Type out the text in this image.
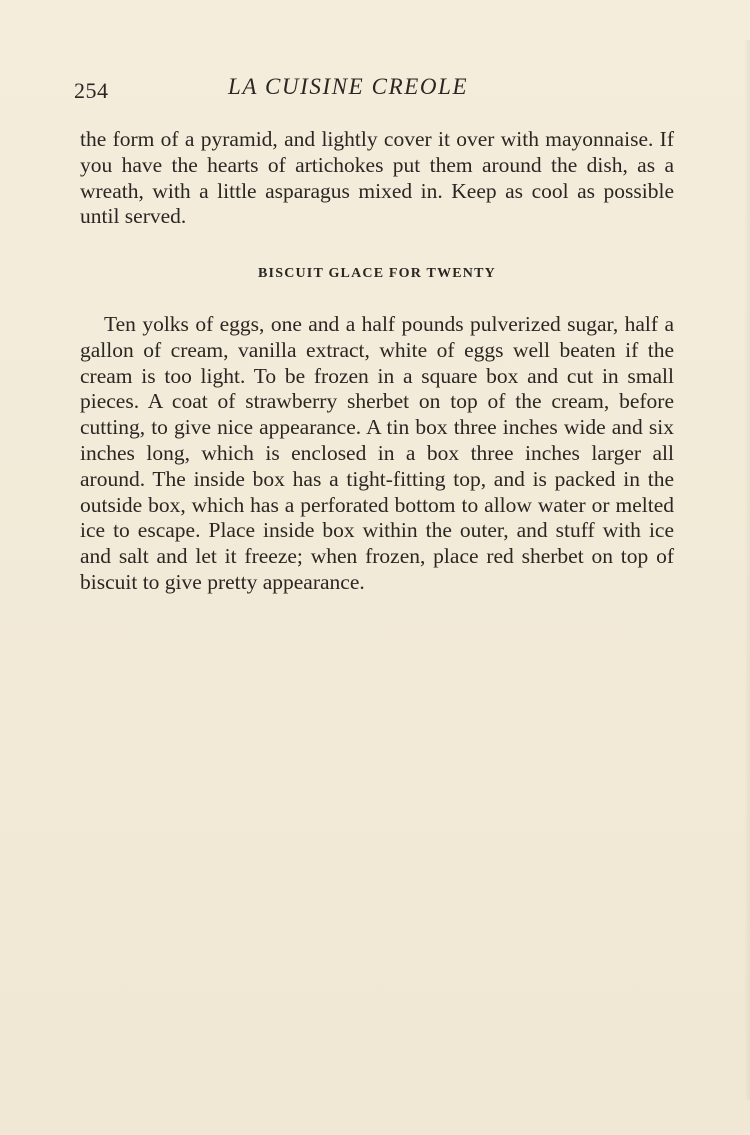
254	LA CUISINE CREOLE

the form of a pyramid, and lightly cover it over with mayonnaise. If you have the hearts of artichokes put them around the dish, as a wreath, with a little asparagus mixed in. Keep as cool as possible until served.

BISCUIT GLACE FOR TWENTY

Ten yolks of eggs, one and a half pounds pulverized sugar, half a gallon of cream, vanilla extract, white of eggs well beaten if the cream is too light. To be frozen in a square box and cut in small pieces. A coat of strawberry sherbet on top of the cream, before cutting, to give nice appearance. A tin box three inches wide and six inches long, which is enclosed in a box three inches larger all around. The inside box has a tight-fitting top, and is packed in the outside box, which has a perforated bottom to allow water or melted ice to escape. Place inside box within the outer, and stuff with ice and salt and let it freeze; when frozen, place red sherbet on top of biscuit to give pretty appearance.
